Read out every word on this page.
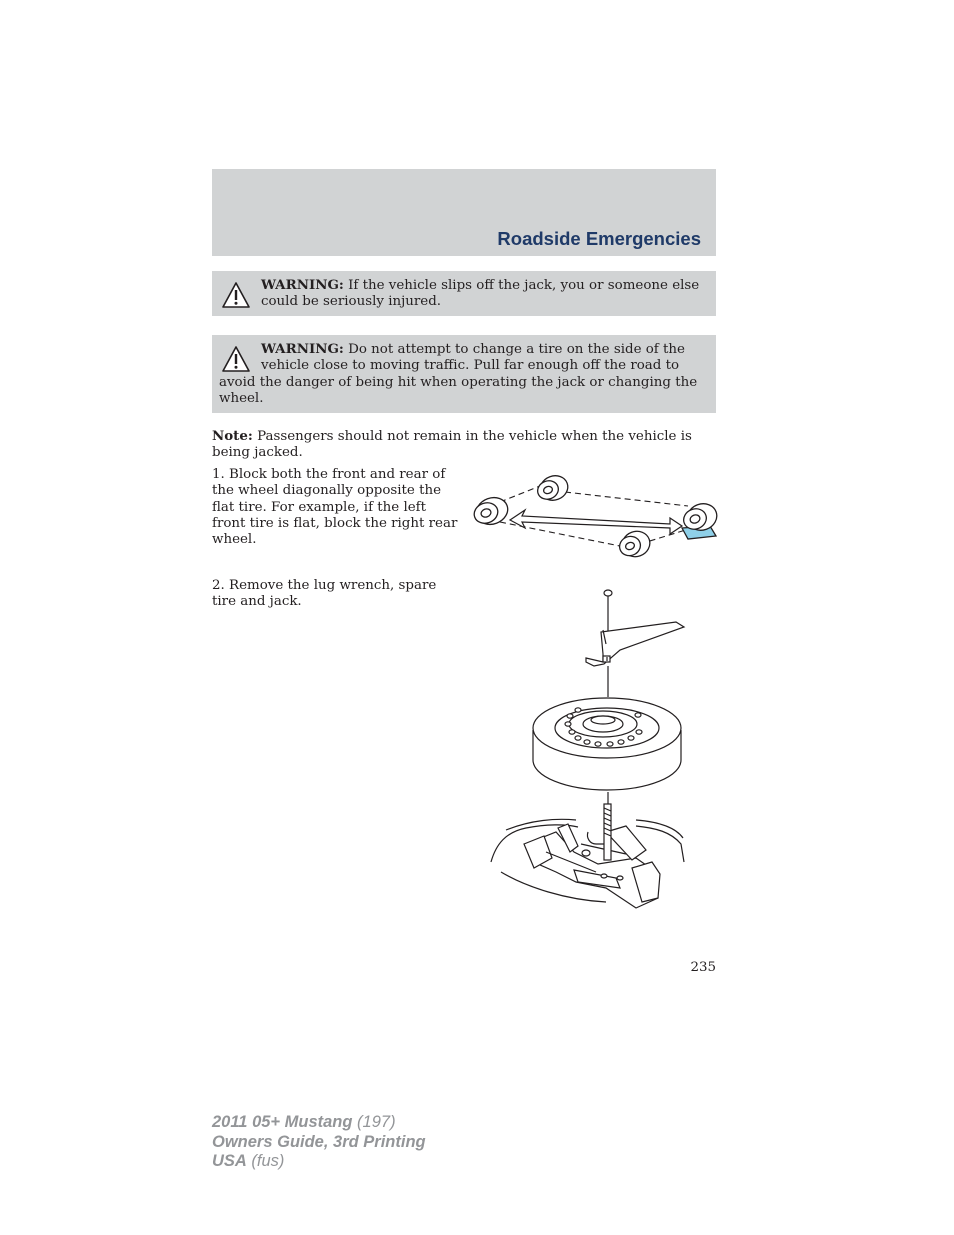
Roadside Emergencies
WARNING: If the vehicle slips off the jack, you or someone else could be seriously injured.
WARNING: Do not attempt to change a tire on the side of the vehicle close to moving traffic. Pull far enough off the road to avoid the danger of being hit when operating the jack or changing the wheel.
Note: Passengers should not remain in the vehicle when the vehicle is being jacked.
1. Block both the front and rear of the wheel diagonally opposite the flat tire. For example, if the left front tire is flat, block the right rear wheel.
2. Remove the lug wrench, spare tire and jack.
235
2011 05+ Mustang (197)
Owners Guide, 3rd Printing
USA (fus)
